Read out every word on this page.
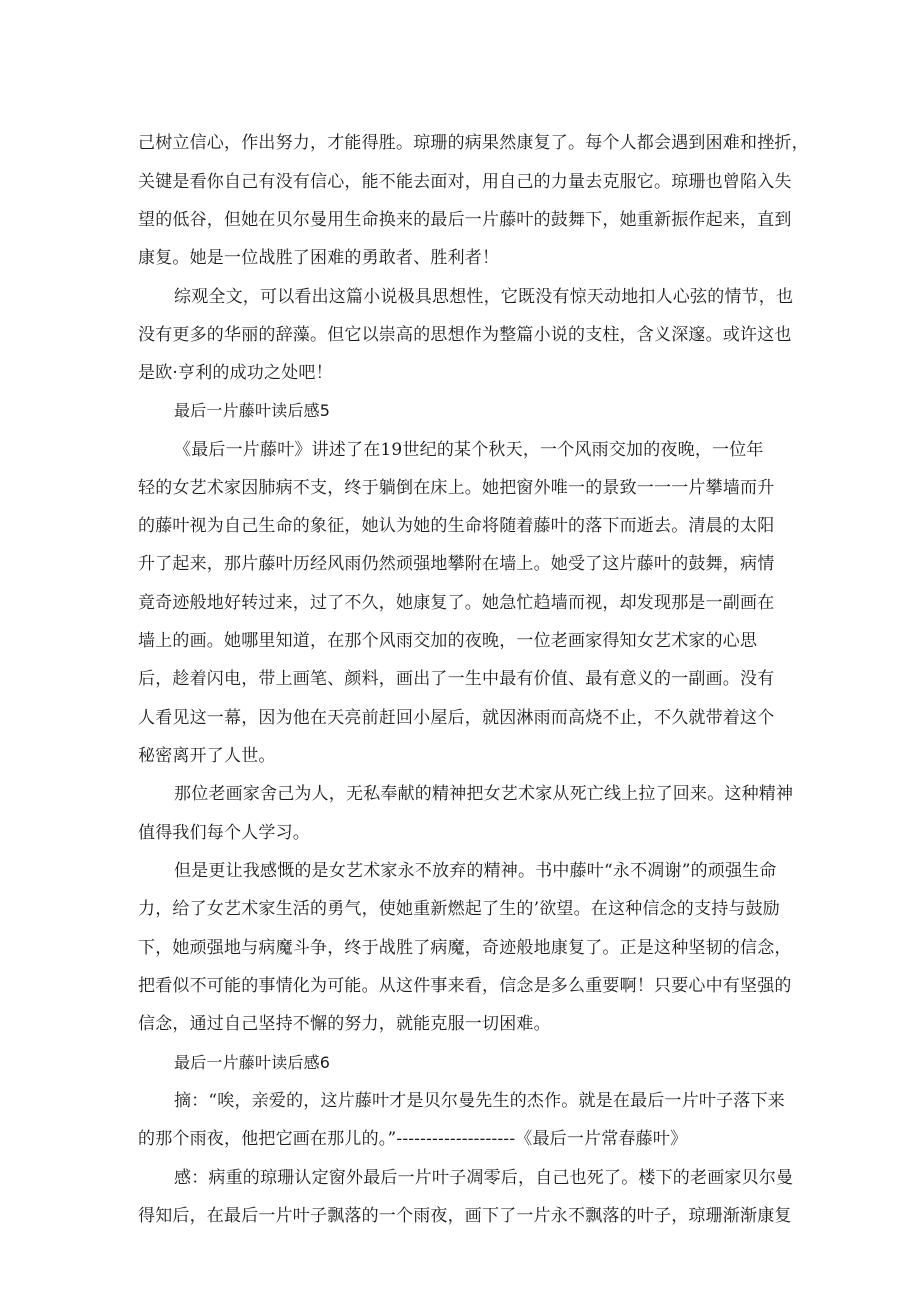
己树立信心，作出努力，才能得胜。琼珊的病果然康复了。每个人都会遇到困难和挫折，
关键是看你自己有没有信心，能不能去面对，用自己的力量去克服它。琼珊也曾陷入失
望的低谷，但她在贝尔曼用生命换来的最后一片藤叶的鼓舞下，她重新振作起来，直到
康复。她是一位战胜了困难的勇敢者、胜利者！
综观全文，可以看出这篇小说极具思想性，它既没有惊天动地扣人心弦的情节，也
没有更多的华丽的辞藻。但它以崇高的思想作为整篇小说的支柱，含义深邃。或许这也
是欧·亨利的成功之处吧！
最后一片藤叶读后感5
《最后一片藤叶》讲述了在19世纪的某个秋天，一个风雨交加的夜晚，一位年
轻的女艺术家因肺病不支，终于躺倒在床上。她把窗外唯一的景致一一一片攀墙而升
的藤叶视为自己生命的象征，她认为她的生命将随着藤叶的落下而逝去。清晨的太阳
升了起来，那片藤叶历经风雨仍然顽强地攀附在墙上。她受了这片藤叶的鼓舞，病情
竟奇迹般地好转过来，过了不久，她康复了。她急忙趋墙而视，却发现那是一副画在
墙上的画。她哪里知道，在那个风雨交加的夜晚，一位老画家得知女艺术家的心思
后，趁着闪电，带上画笔、颜料，画出了一生中最有价值、最有意义的一副画。没有
人看见这一幕，因为他在天亮前赶回小屋后，就因淋雨而高烧不止，不久就带着这个
秘密离开了人世。
那位老画家舍己为人，无私奉献的精神把女艺术家从死亡线上拉了回来。这种精神
值得我们每个人学习。
但是更让我感慨的是女艺术家永不放弃的精神。书中藤叶“永不凋谢”的顽强生命
力，给了女艺术家生活的勇气，使她重新燃起了生的’欲望。在这种信念的支持与鼓励
下，她顽强地与病魔斗争，终于战胜了病魔，奇迹般地康复了。正是这种坚韧的信念，
把看似不可能的事情化为可能。从这件事来看，信念是多么重要啊！只要心中有坚强的
信念，通过自己坚持不懈的努力，就能克服一切困难。
最后一片藤叶读后感6
摘：“唉，亲爱的，这片藤叶才是贝尔曼先生的杰作。就是在最后一片叶子落下来
的那个雨夜，他把它画在那儿的。”--------------------《最后一片常春藤叶》
感：病重的琼珊认定窗外最后一片叶子凋零后，自己也死了。楼下的老画家贝尔曼
得知后，在最后一片叶子飘落的一个雨夜，画下了一片永不飘落的叶子，琼珊渐渐康复
